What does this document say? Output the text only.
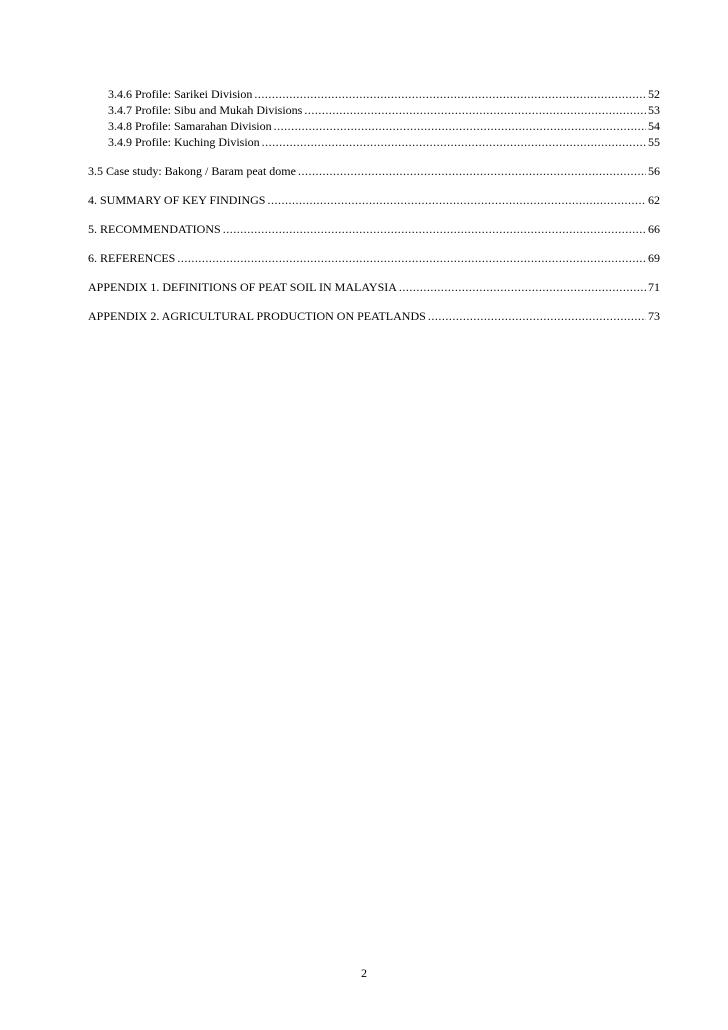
3.4.6 Profile: Sarikei Division .....	52
3.4.7 Profile: Sibu and Mukah Divisions .....	53
3.4.8 Profile: Samarahan Division .....	54
3.4.9 Profile: Kuching Division .....	55
3.5 Case study: Bakong / Baram peat dome .....	56
4. SUMMARY OF KEY FINDINGS .....	62
5. RECOMMENDATIONS .....	66
6. REFERENCES .....	69
APPENDIX 1. DEFINITIONS OF PEAT SOIL IN MALAYSIA .....	71
APPENDIX 2. AGRICULTURAL PRODUCTION ON PEATLANDS .....	73
2
